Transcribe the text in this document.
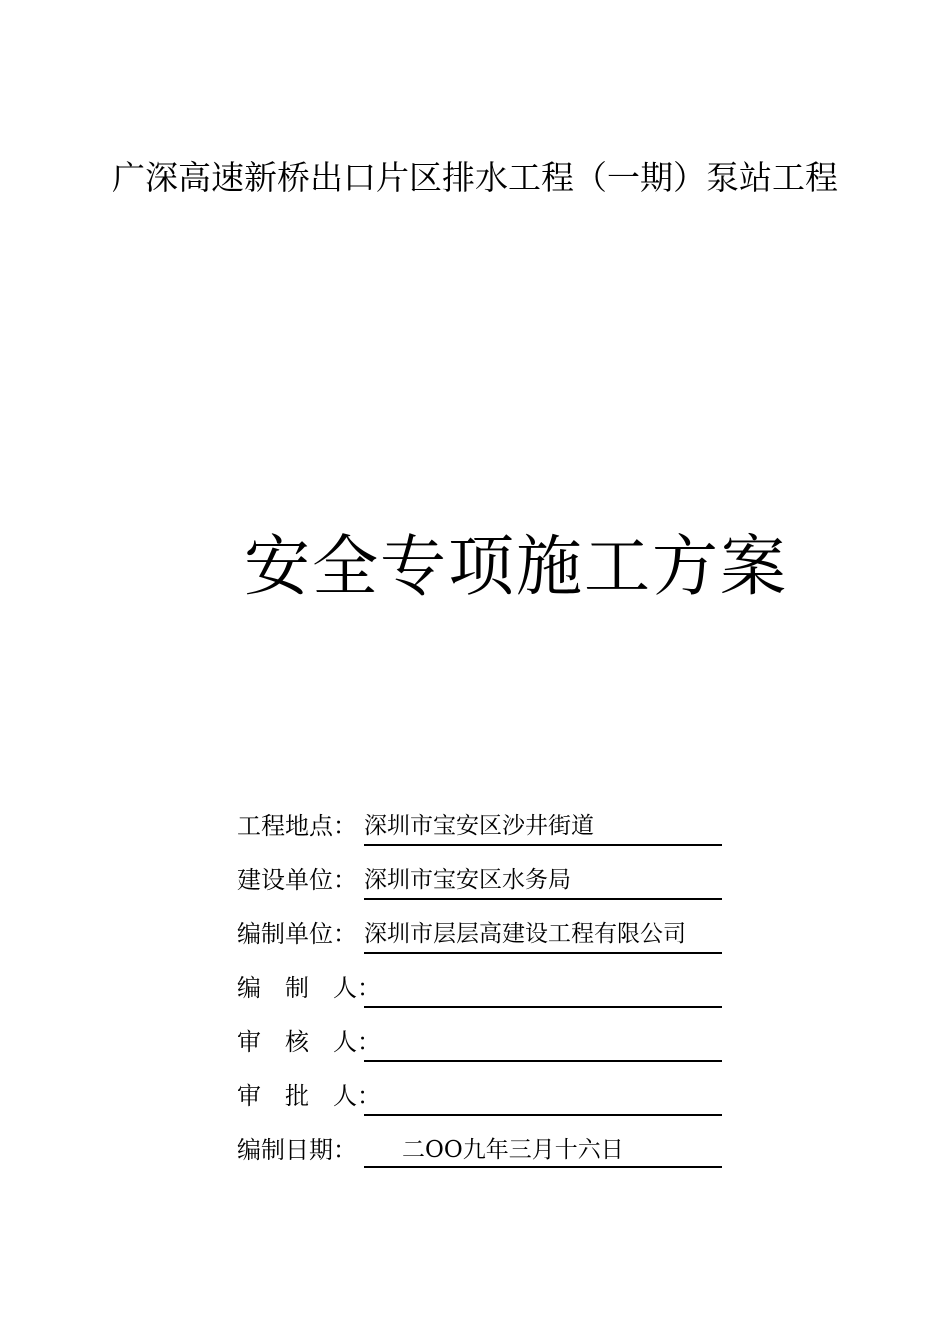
广深高速新桥出口片区排水工程（一期）泵站工程
安全专项施工方案
工程地点： 深圳市宝安区沙井街道
建设单位： 深圳市宝安区水务局
编制单位： 深圳市层层高建设工程有限公司
编　制　人：
审　核　人：
审　批　人：
编制日期：	二OO九年三月十六日
